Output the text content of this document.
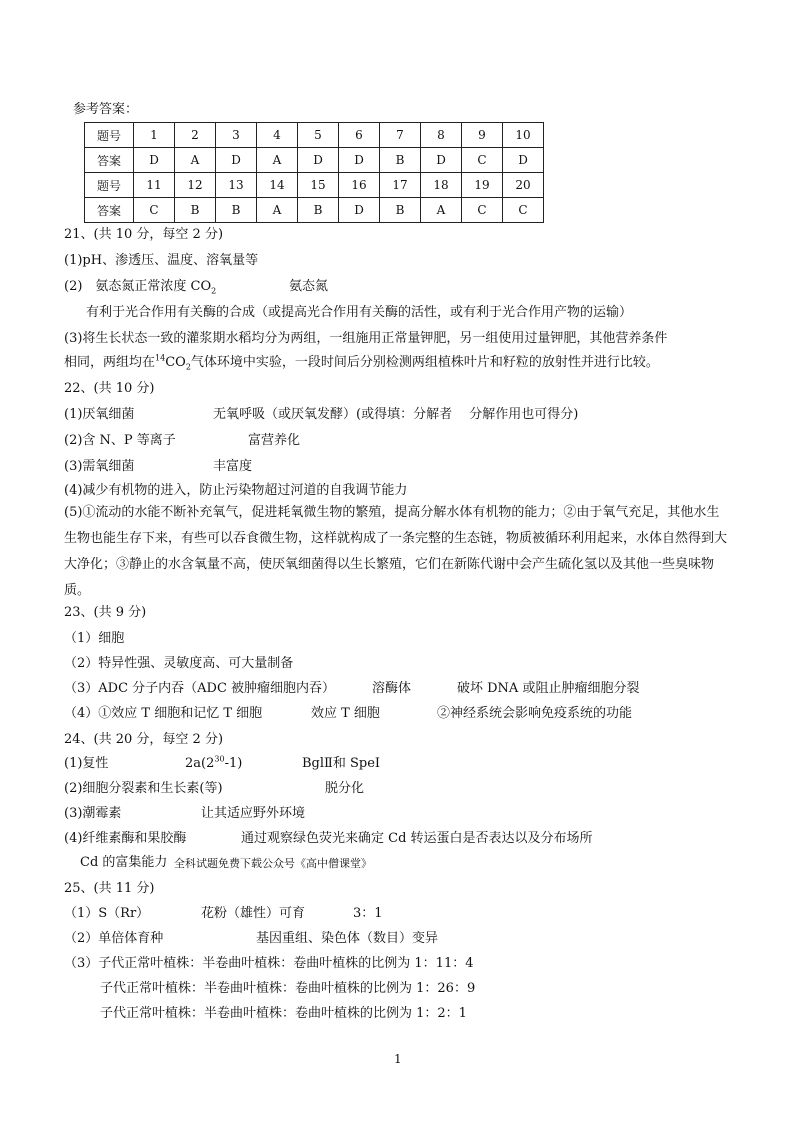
参考答案：
题号	1	2	3	4	5	6	7	8	9	10
答案	D	A	D	A	D	D	B	D	C	D
题号	11	12	13	14	15	16	17	18	19	20
答案	C	B	B	A	B	D	B	A	C	C
21、(共 10 分，每空 2 分)
(1)pH、渗透压、温度、溶氧量等
(2)　氨态氮正常浓度 $CO_2$	氨态氮
有利于光合作用有关酶的合成（或提高光合作用有关酶的活性，或有利于光合作用产物的运输）
(3)将生长状态一致的灌浆期水稻均分为两组，一组施用正常量钾肥，另一组使用过量钾肥，其他营养条件
相同，两组均在$^{14}CO_2$气体环境中实验，一段时间后分别检测两组植株叶片和籽粒的放射性并进行比较。
22、(共 10 分)
(1)厌氧细菌	无氧呼吸（或厌氧发酵）(或得填：分解者　 分解作用也可得分)
(2)含 N、P 等离子	富营养化
(3)需氧细菌	丰富度
(4)减少有机物的进入，防止污染物超过河道的自我调节能力
(5)①流动的水能不断补充氧气，促进耗氧微生物的繁殖，提高分解水体有机物的能力；②由于氧气充足，其他水生生物也能生存下来，有些可以吞食微生物，这样就构成了一条完整的生态链，物质被循环利用起来，水体自然得到大大净化；③静止的水含氧量不高，使厌氧细菌得以生长繁殖，它们在新陈代谢中会产生硫化氢以及其他一些臭味物质。
23、(共 9 分)
（1）细胞
（2）特异性强、灵敏度高、可大量制备
（3）ADC 分子内吞（ADC 被肿瘤细胞内吞）	溶酶体	破坏 DNA 或阻止肿瘤细胞分裂
（4）①效应 T 细胞和记忆 T 细胞	效应 T 细胞	②神经系统会影响免疫系统的功能
24、(共 20 分，每空 2 分)
(1)复性	$2a(2^{30}-1)$	BglⅡ和 SpeⅠ
(2)细胞分裂素和生长素(等)	脱分化
(3)潮霉素	让其适应野外环境
(4)纤维素酶和果胶酶	通过观察绿色荧光来确定 Cd 转运蛋白是否表达以及分布场所
Cd 的富集能力 全科试题免费下载公众号《高中僧课堂》
25、(共 11 分)
（1）S（Rr）	花粉（雄性）可育	3：1
（2）单倍体育种	基因重组、染色体（数目）变异
（3）子代正常叶植株：半卷曲叶植株：卷曲叶植株的比例为 1：11：4
子代正常叶植株：半卷曲叶植株：卷曲叶植株的比例为 1：26：9
子代正常叶植株：半卷曲叶植株：卷曲叶植株的比例为 1：2：1
1
